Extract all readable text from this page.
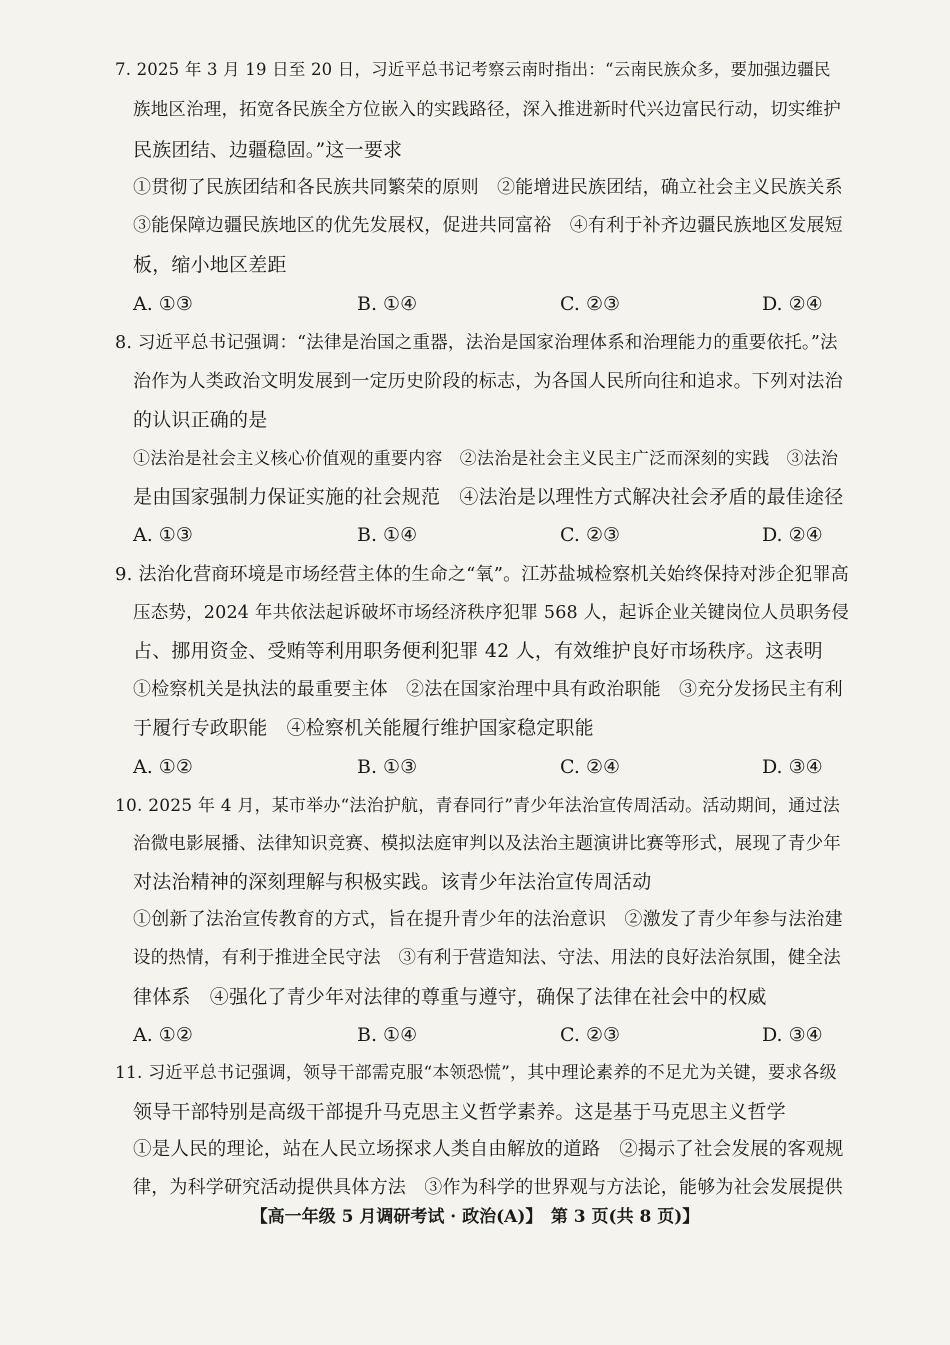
7. 2025 年 3 月 19 日至 20 日，习近平总书记考察云南时指出：“云南民族众多，要加强边疆民
族地区治理，拓宽各民族全方位嵌入的实践路径，深入推进新时代兴边富民行动，切实维护
民族团结、边疆稳固。”这一要求
①贯彻了民族团结和各民族共同繁荣的原则　②能增进民族团结，确立社会主义民族关系
③能保障边疆民族地区的优先发展权，促进共同富裕　④有利于补齐边疆民族地区发展短
板，缩小地区差距
A. ①③	B. ①④	C. ②③	D. ②④
8. 习近平总书记强调：“法律是治国之重器，法治是国家治理体系和治理能力的重要依托。”法
治作为人类政治文明发展到一定历史阶段的标志，为各国人民所向往和追求。下列对法治
的认识正确的是
①法治是社会主义核心价值观的重要内容　②法治是社会主义民主广泛而深刻的实践　③法治
是由国家强制力保证实施的社会规范　④法治是以理性方式解决社会矛盾的最佳途径
A. ①③	B. ①④	C. ②③	D. ②④
9. 法治化营商环境是市场经营主体的生命之“氧”。江苏盐城检察机关始终保持对涉企犯罪高
压态势，2024 年共依法起诉破坏市场经济秩序犯罪 568 人，起诉企业关键岗位人员职务侵
占、挪用资金、受贿等利用职务便利犯罪 42 人，有效维护良好市场秩序。这表明
①检察机关是执法的最重要主体　②法在国家治理中具有政治职能　③充分发扬民主有利
于履行专政职能　④检察机关能履行维护国家稳定职能
A. ①②	B. ①③	C. ②④	D. ③④
10. 2025 年 4 月，某市举办“法治护航，青春同行”青少年法治宣传周活动。活动期间，通过法
治微电影展播、法律知识竞赛、模拟法庭审判以及法治主题演讲比赛等形式，展现了青少年
对法治精神的深刻理解与积极实践。该青少年法治宣传周活动
①创新了法治宣传教育的方式，旨在提升青少年的法治意识　②激发了青少年参与法治建
设的热情，有利于推进全民守法　③有利于营造知法、守法、用法的良好法治氛围，健全法
律体系　④强化了青少年对法律的尊重与遵守，确保了法律在社会中的权威
A. ①②	B. ①④	C. ②③	D. ③④
11. 习近平总书记强调，领导干部需克服“本领恐慌”，其中理论素养的不足尤为关键，要求各级
领导干部特别是高级干部提升马克思主义哲学素养。这是基于马克思主义哲学
①是人民的理论，站在人民立场探求人类自由解放的道路　②揭示了社会发展的客观规
律，为科学研究活动提供具体方法　③作为科学的世界观与方法论，能够为社会发展提供
【高一年级 5 月调研考试 · 政治(A)】　第 3 页(共 8 页)】
